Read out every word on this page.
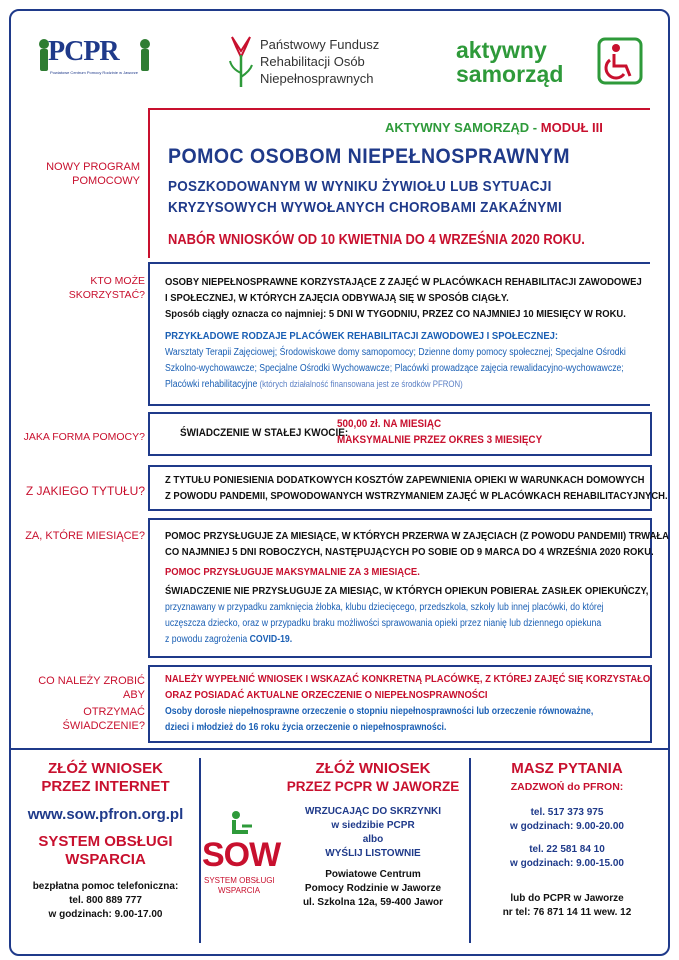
PCPR
Powiatowe Centrum Pomocy Rodzinie w Jaworze
Państwowy Fundusz
Rehabilitacji Osób
Niepełnosprawnych
aktywny
samorząd
AKTYWNY SAMORZĄD - MODUŁ III
NOWY PROGRAM
POMOCOWY
POMOC OSOBOM NIEPEŁNOSPRAWNYM
POSZKODOWANYM W WYNIKU ŻYWIOŁU LUB SYTUACJI
KRYZYSOWYCH WYWOŁANYCH CHOROBAMI ZAKAŹNYMI
NABÓR WNIOSKÓW OD 10 KWIETNIA DO 4 WRZEŚNIA 2020 ROKU.
KTO MOŻE SKORZYSTAĆ?
OSOBY NIEPEŁNOSPRAWNE KORZYSTAJĄCE Z ZAJĘĆ W PLACÓWKACH REHABILITACJI ZAWODOWEJ
I SPOŁECZNEJ, W KTÓRYCH ZAJĘCIA ODBYWAJĄ SIĘ W SPOSÓB CIĄGŁY.
Sposób ciągły oznacza co najmniej: 5 DNI W TYGODNIU, PRZEZ CO NAJMNIEJ 10 MIESIĘCY W ROKU.
PRZYKŁADOWE RODZAJE PLACÓWEK REHABILITACJI ZAWODOWEJ I SPOŁECZNEJ:
Warsztaty Terapii Zajęciowej; Środowiskowe domy samopomocy; Dzienne domy pomocy społecznej; Specjalne Ośrodki
Szkolno-wychowawcze; Specjalne Ośrodki Wychowawcze; Placówki prowadzące zajęcia rewalidacyjno-wychowawcze;
Placówki rehabilitacyjne (których działalność finansowana jest ze środków PFRON)
JAKA FORMA POMOCY?	ŚWIADCZENIE W STAŁEJ KWOCIE:
500,00 zł. NA MIESIĄC
MAKSYMALNIE PRZEZ OKRES 3 MIESIĘCY
Z JAKIEGO TYTUŁU?
Z TYTUŁU PONIESIENIA DODATKOWYCH KOSZTÓW ZAPEWNIENIA OPIEKI W WARUNKACH DOMOWYCH
Z POWODU PANDEMII, SPOWODOWANYCH WSTRZYMANIEM ZAJĘĆ W PLACÓWKACH REHABILITACYJNYCH.
ZA, KTÓRE MIESIĄCE? POMOC PRZYSŁUGUJE ZA MIESIĄCE, W KTÓRYCH PRZERWA W ZAJĘCIACH (Z POWODU PANDEMII) TRWAŁA
CO NAJMNIEJ 5 DNI ROBOCZYCH, NASTĘPUJĄCYCH PO SOBIE OD 9 MARCA DO 4 WRZEŚNIA 2020 ROKU.
POMOC PRZYSŁUGUJE MAKSYMALNIE ZA 3 MIESIĄCE.
ŚWIADCZENIE NIE PRZYSŁUGUJE ZA MIESIĄC, W KTÓRYCH OPIEKUN POBIERAŁ ZASIŁEK OPIEKUŃCZY,
przyznawany w przypadku zamknięcia żłobka, klubu dziecięcego, przedszkola, szkoły lub innej placówki, do której
uczęszcza dziecko, oraz w przypadku braku możliwości sprawowania opieki przez nianię lub dziennego opiekuna
z powodu zagrożenia COVID-19.
CO NALEŻY ZROBIĆ ABY
OTRZYMAĆ ŚWIADCZENIE?
NALEŻY WYPEŁNIĆ WNIOSEK I WSKAZAĆ KONKRETNĄ PLACÓWKĘ, Z KTÓREJ ZAJĘĆ SIĘ KORZYSTAŁO
ORAZ POSIADAĆ AKTUALNE ORZECZENIE O NIEPEŁNOSPRAWNOŚCI
Osoby dorosłe niepełnosprawne orzeczenie o stopniu niepełnosprawności lub orzeczenie równoważne,
dzieci i młodzież do 16 roku życia orzeczenie o niepełnosprawności.
ZŁÓŻ WNIOSEK
PRZEZ INTERNET
www.sow.pfron.org.pl
SYSTEM OBSŁUGI
WSPARCIA
bezpłatna pomoc telefoniczna:
tel. 800 889 777
w godzinach: 9.00-17.00
SOW
SYSTEM OBSŁUGI
WSPARCIA
ZŁÓŻ WNIOSEK
PRZEZ PCPR W JAWORZE
WRZUCAJĄC DO SKRZYNKI
w siedzibie PCPR
albo
WYŚLIJ LISTOWNIE
Powiatowe Centrum
Pomocy Rodzinie w Jaworze
ul. Szkolna 12a, 59-400 Jawor
MASZ PYTANIA
ZADZWOŃ do PFRON:
tel. 517 373 975
w godzinach: 9.00-20.00
tel. 22 581 84 10
w godzinach: 9.00-15.00
lub do PCPR w Jaworze
nr tel: 76 871 14 11 wew. 12
